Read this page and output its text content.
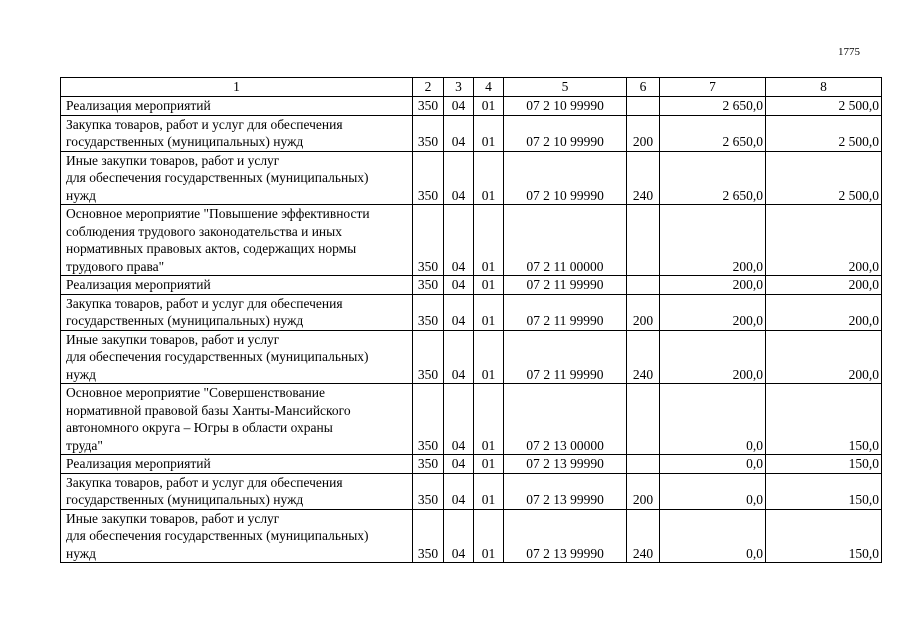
1775
1	2	3	4	5	6	7	8
Реализация мероприятий	350	04	01	07 2 10 99990		2 650,0	2 500,0
Закупка товаров, работ и услуг для обеспечения
государственных (муниципальных) нужд	350	04	01	07 2 10 99990	200	2 650,0	2 500,0
Иные закупки товаров, работ и услуг
для обеспечения государственных (муниципальных)
нужд	350	04	01	07 2 10 99990	240	2 650,0	2 500,0
Основное мероприятие "Повышение эффективности
соблюдения трудового законодательства и иных
нормативных правовых актов, содержащих нормы
трудового права"	350	04	01	07 2 11 00000		200,0	200,0
Реализация мероприятий	350	04	01	07 2 11 99990		200,0	200,0
Закупка товаров, работ и услуг для обеспечения
государственных (муниципальных) нужд	350	04	01	07 2 11 99990	200	200,0	200,0
Иные закупки товаров, работ и услуг
для обеспечения государственных (муниципальных)
нужд	350	04	01	07 2 11 99990	240	200,0	200,0
Основное мероприятие "Совершенствование
нормативной правовой базы Ханты-Мансийского
автономного округа – Югры в области охраны
труда"	350	04	01	07 2 13 00000		0,0	150,0
Реализация мероприятий	350	04	01	07 2 13 99990		0,0	150,0
Закупка товаров, работ и услуг для обеспечения
государственных (муниципальных) нужд	350	04	01	07 2 13 99990	200	0,0	150,0
Иные закупки товаров, работ и услуг
для обеспечения государственных (муниципальных)
нужд	350	04	01	07 2 13 99990	240	0,0	150,0
